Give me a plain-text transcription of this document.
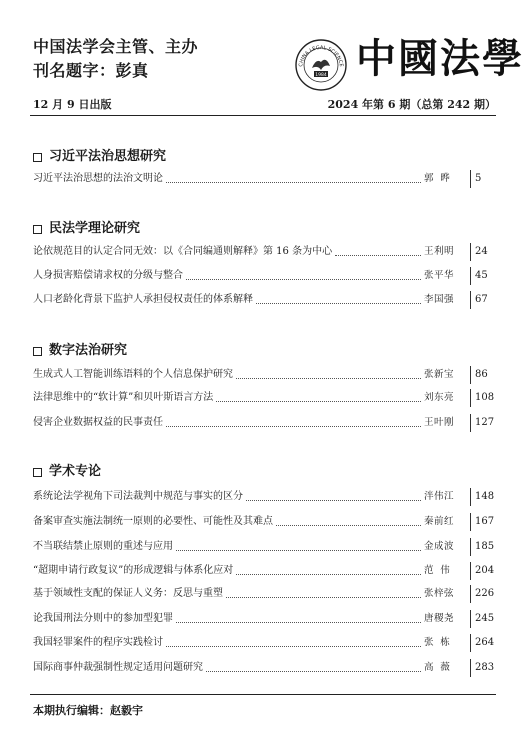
中国法学会主管、主办
刊名题字：彭真	CHINA LEGAL SCIENCE
1984 中國法學
12 月 9 日出版	2024 年第 6 期（总第 242 期）
习近平法治思想研究
习近平法治思想的法治文明论	郭 晔	5
民法学理论研究
论依规范目的认定合同无效：以《合同编通则解释》第 16 条为中心	王利明	24
人身损害赔偿请求权的分级与整合	张平华	45
人口老龄化背景下监护人承担侵权责任的体系解释	李国强	67
数字法治研究
生成式人工智能训练语料的个人信息保护研究	张新宝	86
法律思维中的“软计算”和贝叶斯语言方法	刘东亮	108
侵害企业数据权益的民事责任	王叶刚	127
学术专论
系统论法学视角下司法裁判中规范与事实的区分	泮伟江	148
备案审查实施法制统一原则的必要性、可能性及其难点	秦前红	167
不当联结禁止原则的重述与应用	金成波	185
“超期申请行政复议”的形成逻辑与体系化应对	范 伟	204
基于领域性支配的保证人义务：反思与重塑	张梓弦	226
论我国刑法分则中的参加型犯罪	唐稷尧	245
我国轻罪案件的程序实践检讨	张 栋	264
国际商事仲裁强制性规定适用问题研究	高 薇	283
本期执行编辑：赵毅宇
